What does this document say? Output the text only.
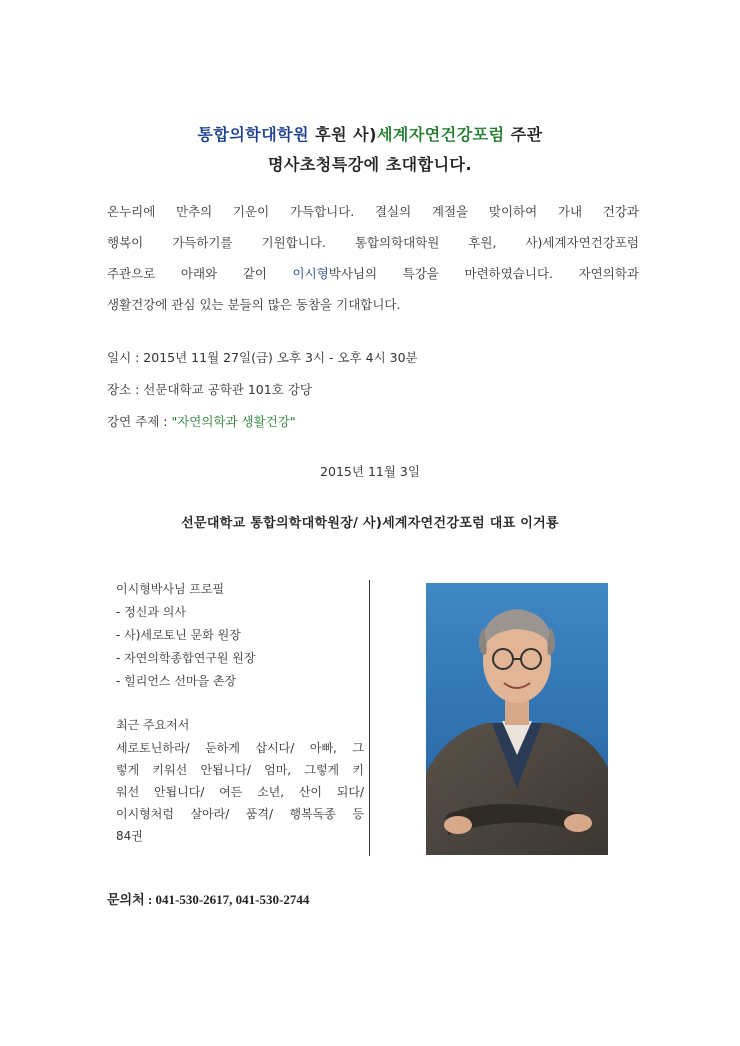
통합의학대학원 후원 사)세계자연건강포럼 주관
명사초청특강에 초대합니다.
온누리에 만추의 기운이 가득합니다. 결실의 계절을 맞이하여 가내 건강과
행복이 가득하기를 기원합니다. 통합의학대학원 후원, 사)세계자연건강포럼
주관으로 아래와 같이 이시형박사님의 특강을 마련하였습니다. 자연의학과
생활건강에 관심 있는 분들의 많은 동참을 기대합니다.
일시 : 2015년 11월 27일(금) 오후 3시 - 오후 4시 30분
장소 : 선문대학교 공학관 101호 강당
강연 주제 : "자연의학과 생활건강"
2015년 11월 3일
선문대학교 통합의학대학원장/ 사)세계자연건강포럼 대표 이거룡
이시형박사님 프로필
- 정신과 의사
- 사)세로토닌 문화 원장
- 자연의학종합연구원 원장
- 힐리언스 선마을 촌장
최근 주요저서
세로토닌하라/ 둔하게 삽시다/ 아빠, 그
렇게 키워선 안됩니다/ 엄마, 그렇게 키
워선 안됩니다/ 여든 소년, 산이 되다/
이시형처럼 살아라/ 품격/ 행복독종 등
84권
문의처 : 041-530-2617, 041-530-2744
